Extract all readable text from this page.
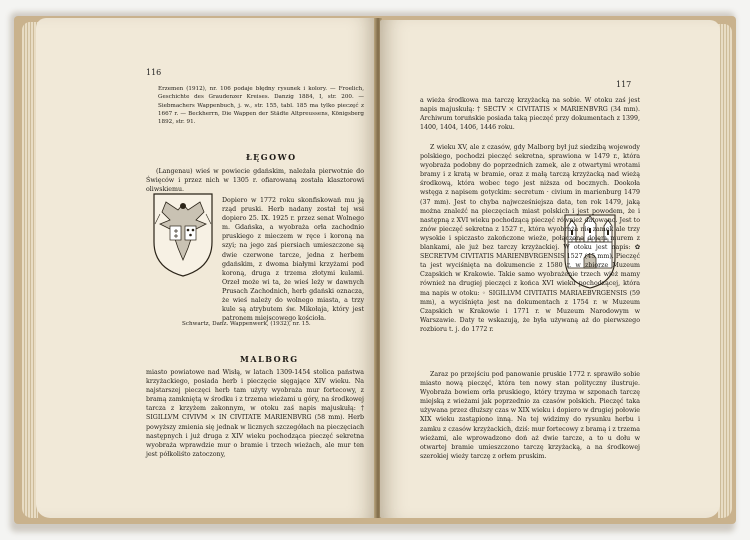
116

Erzemen (1912), nr. 106 podaje błędny rysunek i kolory. — Froelich, Geschichte des Graudenzer Kreises. Danzig 1884, I, str. 200. — Siebmachers Wappenbuch, j. w., str. 155, tabl. 185 ma tylko pieczęć z 1667 r. — Beckherrn, Die Wappen der Städte Altpreussens, Königsberg 1892, str. 91.

ŁĘGOWO

(Langenau) wieś w powiecie gdańskim, należała pierwotnie do Święców i przez nich w 1305 r. ofiarowaną została klasztorowi oliwskiemu.

Dopiero w 1772 roku skonfiskowań mu ją rząd pruski. Herb nadany został tej wsi dopiero 25. IX. 1925 r. przez senat Wolnego m. Gdańska, a wyobraża orła zachodnio pruskiego z mieczem w ręce i koroną na szyi; na jego zaś piersiach umieszczone są dwie czerwone tarcze, jedna z herbem gdańskim, z dwoma białymi krzyżami pod koroną, druga z trzema złotymi kulami. Orzeł może wi ta, że wieś leży w dawnych Prusach Zachodnich, herb gdański oznacza, że wieś należy do wolnego miasta, a trzy kule są atrybutem św. Mikołaja, który jest patronem miejscowego kościoła.

Schwartz, Danz. Wappenwerk, (1932), nr. 15.
MALBORG

miasto powiatowe nad Wisłą, w latach 1309-1454 stolica państwa krzyżackiego, posiada herb i pieczęcie sięgające XIV wieku. Na najstarszej pieczęci herb tam użyty wyobraża mur fortecowy, z bramą zamkniętą w środku i z trzema wieżami u góry, na środkowej tarcza z krzyżem zakonnym, w otoku zaś napis majuskułą: † SIGILLVM CIVIVM × IN CIVITATE MARIENBVRG (58 mm). Herb powyższy zmienia się jednak w licznych szczegółach na pieczęciach następnych i już druga z XIV wieku pochodząca pieczęć sekretna wyobraża wprawdzie mur o bramie i trzech wieżach, ale mur ten jest półkoliśto zatoczony,

117

a wieża środkowa ma tarczę krzyżacką na sobie. W otoku zaś jest napis majuskułą: † SECTV × CIVITATIS × MARIENBVRG (34 mm). Archiwum toruńskie posiada taką pieczęć przy dokumentach z 1399, 1400, 1404, 1406, 1446 roku.

Z wieku XV, ale z czasów, gdy Malborg był już siedzibą wojewody polskiego, pochodzi pieczęć sekretna, sprawiona w 1479 r., która wyobraża podobny do poprzednich zamek, ale z otwartymi wrotami bramy i z kratą w bramie, oraz z małą tarczą krzyżacką nad wieżą środkową, która wobec tego jest niższa od bocznych. Dookoła wstęga z napisem gotyckim: secretum · civium in marienburg 1479 (37 mm). Jest to chyba najwcześniejsza data, ten rok 1479, jaką można znaleźć na pieczęciach miast polskich i jest powodem, że i następną z XVI wieku pochodzącą pieczęć również datowano. Jest to znów pieczęć sekretna z 1527 r., która wyobraża nie zamek ale trzy wysokie i spiczasto zakończone wieże, połączone dołem murem z blankami, ale już bez tarczy krzyżackiej. W otoku jest napis: ✿ SECRETVM CIVITATIS MARIENBVRGENSIS 1527 (45 mm). Pieczęć ta jest wyciśnięta na dokumencie z 1580 r. w zbiorze Muzeum Czapskich w Krakowie. Takie samo wyobrażenie trzech wież mamy również na drugiej pieczęci z końca XVI wieku pochodzącej, która ma napis w otoku: ◦ SIGILLVM CIVITATIS MARIAEBVRGENSIS (59 mm), a wyciśnięta jest na dokumentach z 1754 r. w Muzeum Czapskich w Krakowie i 1771 r. w Muzeum Narodowym w Warszawie. Daty te wskazują, że była używaną aż do pierwszego rozbioru t. j. do 1772 r.

Zaraz po przejściu pod panowanie pruskie 1772 r. sprawiło sobie miasto nową pieczęć, która ten nowy stan polityczny ilustruje. Wyobraża bowiem orła pruskiego, który trzyma w szponach tarczę miejską z wieżami jak poprzednio za czasów polskich. Pieczęć taka używana przez dłuższy czas w XIX wieku i dopiero w drugiej połowie XIX wieku zastąpiono inną. Na tej widzimy do rysunku herbu i zamku z czasów krzyżackich, dziś: mur fortecowy z bramą i z trzema wieżami, ale wprowadzono doń aż dwie tarcze, a to u dołu w otwartej bramie umieszczono tarczę krzyżacką, a na środkowej szerokiej wieży tarczę z orłem pruskim.
